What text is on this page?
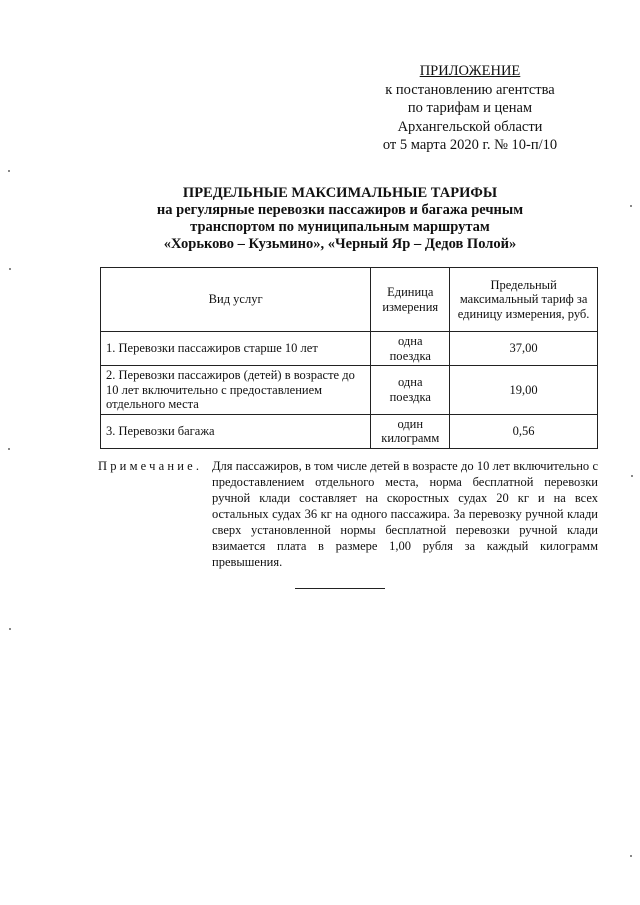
ПРИЛОЖЕНИЕ
к постановлению агентства
по тарифам и ценам
Архангельской области
от 5 марта 2020 г. № 10-п/10
ПРЕДЕЛЬНЫЕ МАКСИМАЛЬНЫЕ ТАРИФЫ
на регулярные перевозки пассажиров и багажа речным
транспортом по муниципальным маршрутам
«Хорьково – Кузьмино», «Черный Яр – Дедов Полой»
Вид услуг	Единица измерения	Предельный максимальный тариф за единицу измерения, руб.
1. Перевозки пассажиров старше 10 лет	одна поездка	37,00
2. Перевозки пассажиров (детей) в возрасте до 10 лет включительно с предоставлением отдельного места	одна поездка	19,00
3. Перевозки багажа	один килограмм	0,56
Примечание. Для пассажиров, в том числе детей в возрасте до 10 лет включительно с предоставлением отдельного места, норма бесплатной перевозки ручной клади составляет на скоростных судах 20 кг и на всех остальных судах 36 кг на одного пассажира. За перевозку ручной клади сверх установленной нормы бесплатной перевозки ручной клади взимается плата в размере 1,00 рубля за каждый килограмм превышения.
